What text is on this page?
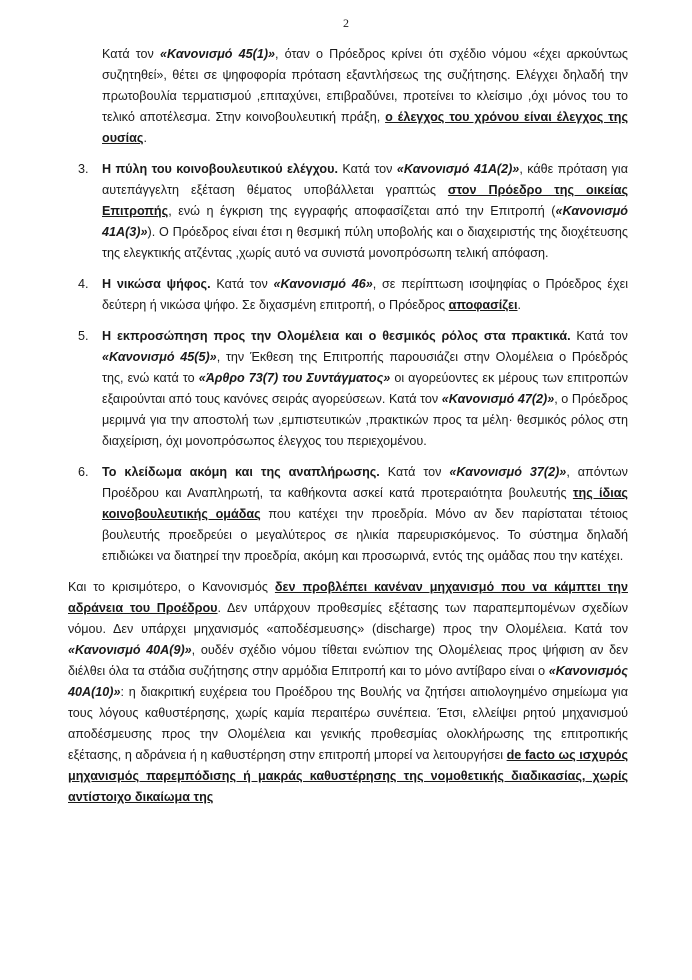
2

Κατά τον «Κανονισμό 45(1)», όταν ο Πρόεδρος κρίνει ότι σχέδιο νόμου «έχει αρκούντως συζητηθεί», θέτει σε ψηφοφορία πρόταση εξαντλήσεως της συζήτησης. Ελέγχει δηλαδή την πρωτοβουλία τερματισμού ,επιταχύνει, επιβραδύνει, προτείνει το κλείσιμο ,όχι μόνος του το τελικό αποτέλεσμα. Στην κοινοβουλευτική πράξη, ο έλεγχος του χρόνου είναι έλεγχος της ουσίας.

3. Η πύλη του κοινοβουλευτικού ελέγχου. Κατά τον «Κανονισμό 41Α(2)», κάθε πρόταση για αυτεπάγγελτη εξέταση θέματος υποβάλλεται γραπτώς στον Πρόεδρο της οικείας Επιτροπής, ενώ η έγκριση της εγγραφής αποφασίζεται από την Επιτροπή («Κανονισμό 41Α(3)»). Ο Πρόεδρος είναι έτσι η θεσμική πύλη υποβολής και ο διαχειριστής της διοχέτευσης της ελεγκτικής ατζέντας ,χωρίς αυτό να συνιστά μονοπρόσωπη τελική απόφαση.
4. Η νικώσα ψήφος. Κατά τον «Κανονισμό 46», σε περίπτωση ισοψηφίας ο Πρόεδρος έχει δεύτερη ή νικώσα ψήφο. Σε διχασμένη επιτροπή, ο Πρόεδρος αποφασίζει.
5. Η εκπροσώπηση προς την Ολομέλεια και ο θεσμικός ρόλος στα πρακτικά. Κατά τον «Κανονισμό 45(5)», την Έκθεση της Επιτροπής παρουσιάζει στην Ολομέλεια ο Πρόεδρός της, ενώ κατά το «Άρθρο 73(7) του Συντάγματος» οι αγορεύοντες εκ μέρους των επιτροπών εξαιρούνται από τους κανόνες σειράς αγορεύσεων. Κατά τον «Κανονισμό 47(2)», ο Πρόεδρος μεριμνά για την αποστολή των ,εμπιστευτικών ,πρακτικών προς τα μέλη· θεσμικός ρόλος στη διαχείριση, όχι μονοπρόσωπος έλεγχος του περιεχομένου.
6. Το κλείδωμα ακόμη και της αναπλήρωσης. Κατά τον «Κανονισμό 37(2)», απόντων Προέδρου και Αναπληρωτή, τα καθήκοντα ασκεί κατά προτεραιότητα βουλευτής της ίδιας κοινοβουλευτικής ομάδας που κατέχει την προεδρία. Μόνο αν δεν παρίσταται τέτοιος βουλευτής προεδρεύει ο μεγαλύτερος σε ηλικία παρευρισκόμενος. Το σύστημα δηλαδή επιδιώκει να διατηρεί την προεδρία, ακόμη και προσωρινά, εντός της ομάδας που την κατέχει.

Και το κρισιμότερο, ο Κανονισμός δεν προβλέπει κανέναν μηχανισμό που να κάμπτει την αδράνεια του Προέδρου. Δεν υπάρχουν προθεσμίες εξέτασης των παραπεμπομένων σχεδίων νόμου. Δεν υπάρχει μηχανισμός «αποδέσμευσης» (discharge) προς την Ολομέλεια. Κατά τον «Κανονισμό 40Α(9)», ουδέν σχέδιο νόμου τίθεται ενώπιον της Ολομέλειας προς ψήφιση αν δεν διέλθει όλα τα στάδια συζήτησης στην αρμόδια Επιτροπή και το μόνο αντίβαρο είναι ο «Κανονισμός 40Α(10)»: η διακριτική ευχέρεια του Προέδρου της Βουλής να ζητήσει αιτιολογημένο σημείωμα για τους λόγους καθυστέρησης, χωρίς καμία περαιτέρω συνέπεια. Έτσι, ελλείψει ρητού μηχανισμού αποδέσμευσης προς την Ολομέλεια και γενικής προθεσμίας ολοκλήρωσης της επιτροπικής εξέτασης, η αδράνεια ή η καθυστέρηση στην επιτροπή μπορεί να λειτουργήσει de facto ως ισχυρός μηχανισμός παρεμπόδισης ή μακράς καθυστέρησης της νομοθετικής διαδικασίας, χωρίς αντίστοιχο δικαίωμα της
